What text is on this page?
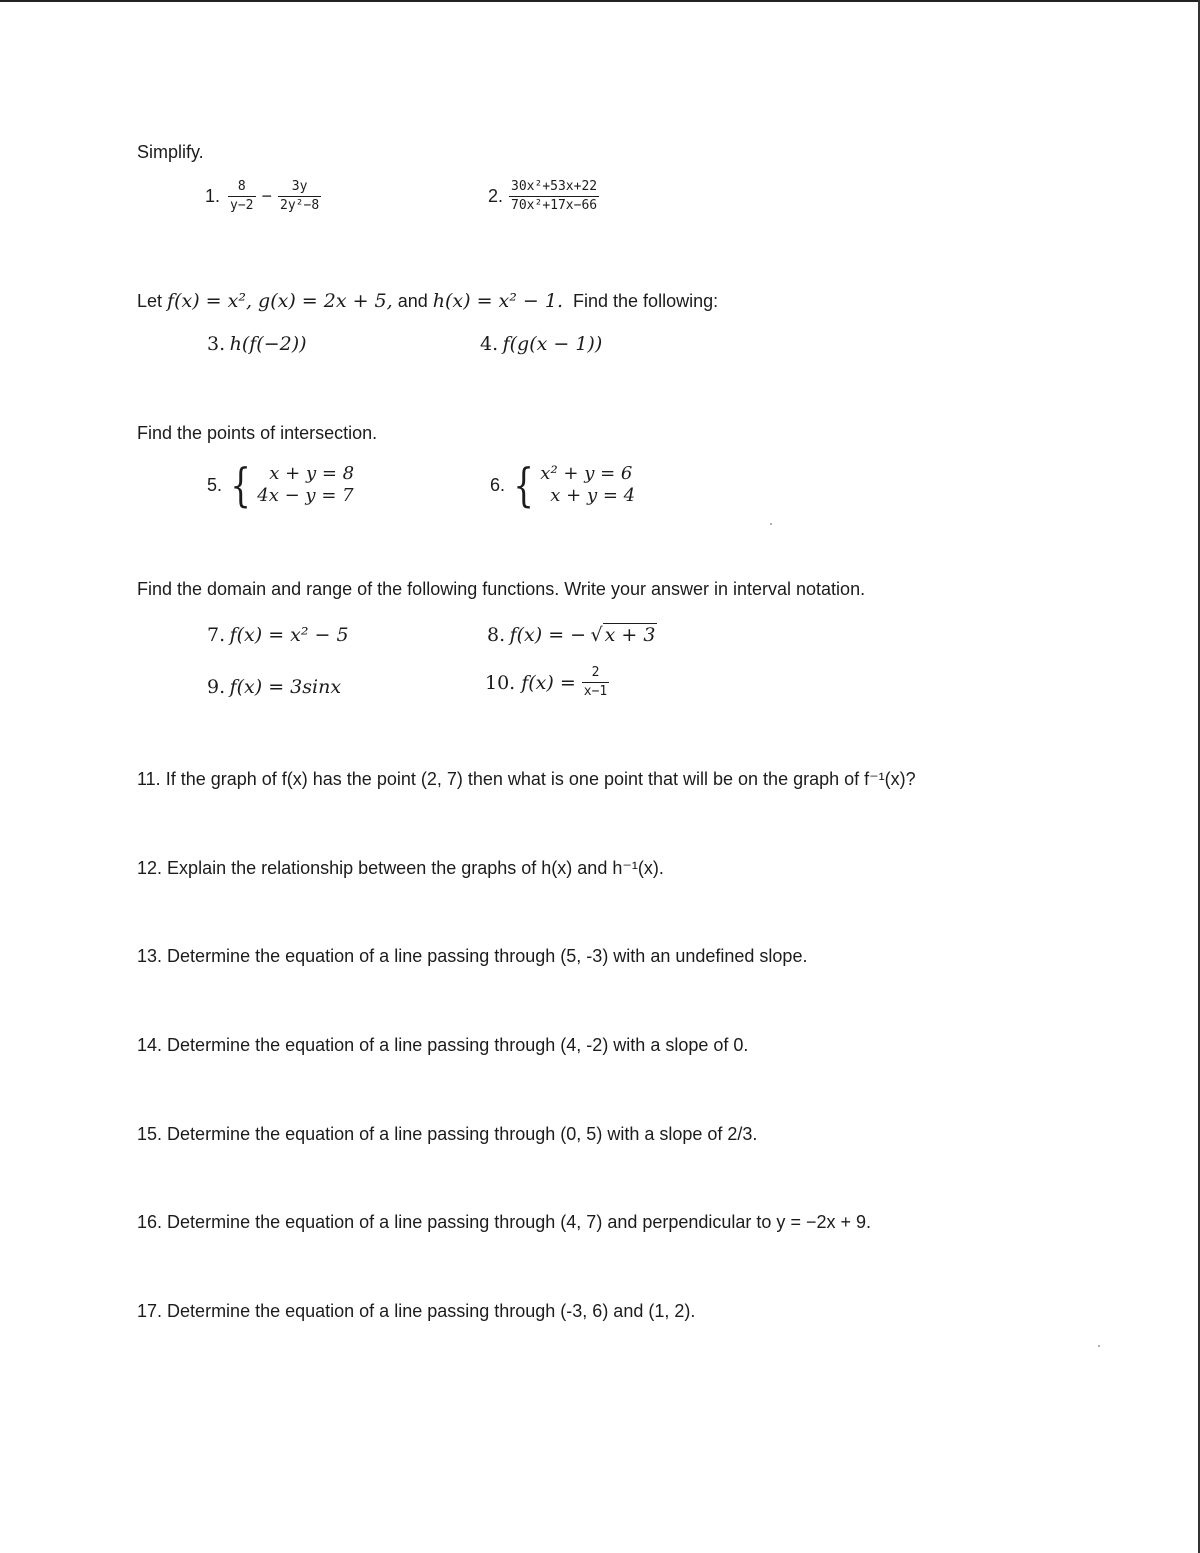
Simplify.
1. $\frac{8}{y-2} - \frac{3y}{\text{2y²−8}}$	2. $\frac{\text{30x²+53x+22}}{\text{70x²+17x−66}}$
Let f(x) = x², g(x) = 2x + 5, and h(x) = x² − 1. Find the following:
3. h(f(−2))	4. f(g(x − 1))
Find the points of intersection.
5. {	x + y = 8
4x − y = 7
6. { x² + y = 6
x + y = 4
Find the domain and range of the following functions. Write your answer in interval notation.
7. f(x) = x² − 5	8. f(x) = − √ x + 3
9. f(x) = 3sinx	10. $f(x) = \frac{2}{x-1}$
11. If the graph of f(x) has the point (2, 7) then what is one point that will be on the graph of f⁻¹(x)?
12. Explain the relationship between the graphs of h(x) and h⁻¹(x).
13. Determine the equation of a line passing through (5, -3) with an undefined slope.
14. Determine the equation of a line passing through (4, -2) with a slope of 0.
15. Determine the equation of a line passing through (0, 5) with a slope of 2/3.
16. Determine the equation of a line passing through (4, 7) and perpendicular to y = −2x + 9.
17. Determine the equation of a line passing through (-3, 6) and (1, 2).
